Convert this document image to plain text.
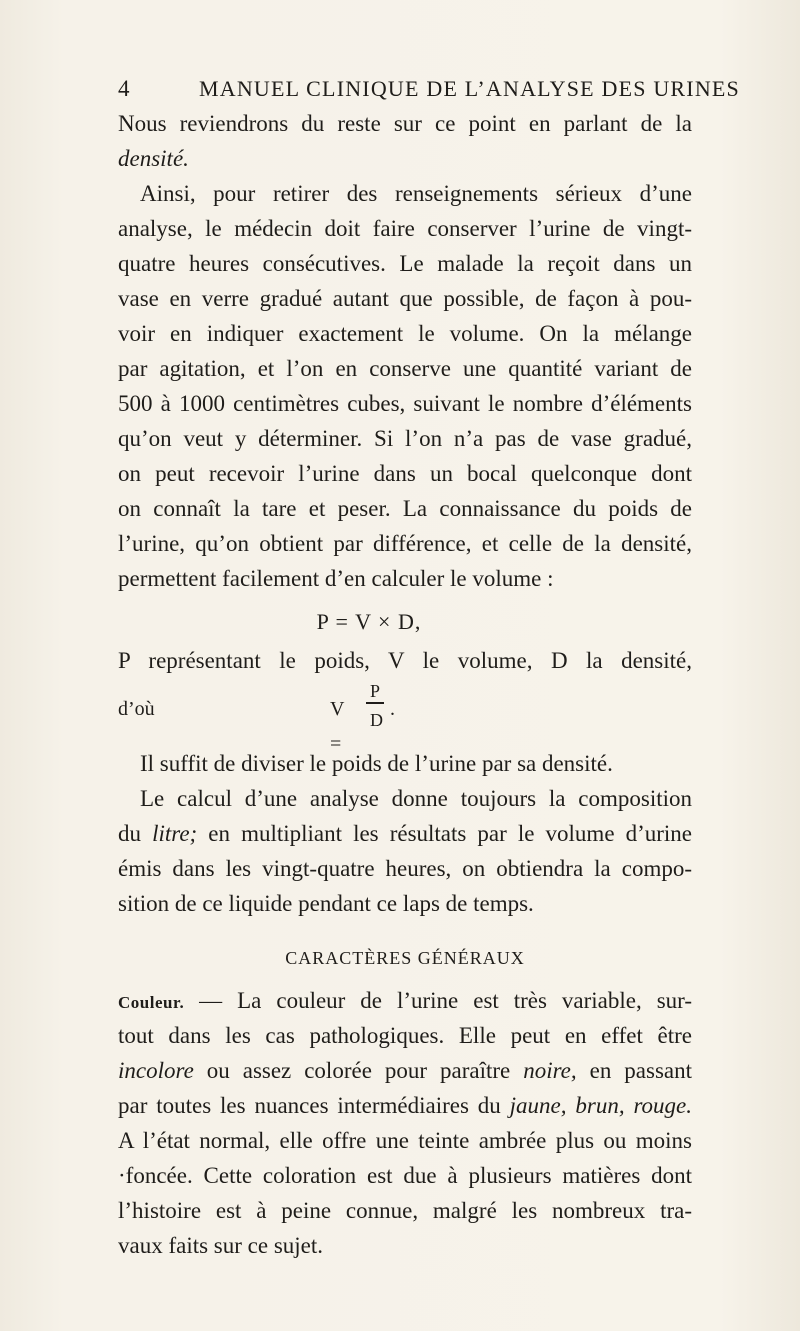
4	MANUEL CLINIQUE DE L’ANALYSE DES URINES
Nous reviendrons du reste sur ce point en parlant de la
densité.
Ainsi, pour retirer des renseignements sérieux d’une
analyse, le médecin doit faire conserver l’urine de vingt-
quatre heures consécutives. Le malade la reçoit dans un
vase en verre gradué autant que possible, de façon à pou-
voir en indiquer exactement le volume. On la mélange
par agitation, et l’on en conserve une quantité variant de
500 à 1000 centimètres cubes, suivant le nombre d’éléments
qu’on veut y déterminer. Si l’on n’a pas de vase gradué,
on peut recevoir l’urine dans un bocal quelconque dont
on connaît la tare et peser. La connaissance du poids de
l’urine, qu’on obtient par différence, et celle de la densité,
permettent facilement d’en calculer le volume :
P = V × D,
P représentant le poids, V le volume, D la densité,
d’où	V =
P
D .
Il suffit de diviser le poids de l’urine par sa densité.
Le calcul d’une analyse donne toujours la composition
du litre; en multipliant les résultats par le volume d’urine
émis dans les vingt-quatre heures, on obtiendra la compo-
sition de ce liquide pendant ce laps de temps.
CARACTÈRES GÉNÉRAUX
Couleur. — La couleur de l’urine est très variable, sur-
tout dans les cas pathologiques. Elle peut en effet être
incolore ou assez colorée pour paraître noire, en passant
par toutes les nuances intermédiaires du jaune, brun, rouge.
A l’état normal, elle offre une teinte ambrée plus ou moins
·foncée. Cette coloration est due à plusieurs matières dont
l’histoire est à peine connue, malgré les nombreux tra-
vaux faits sur ce sujet.
